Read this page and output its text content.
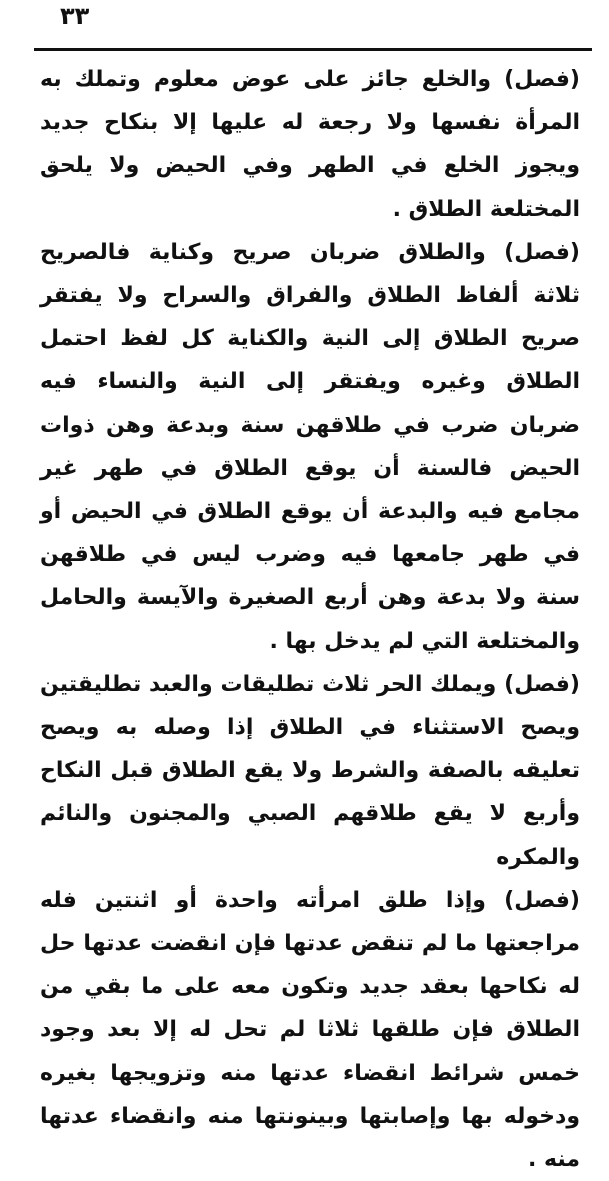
٣٣

(فصل) والخلع جائز على عوض معلوم وتملك به المرأة نفسها ولا رجعة له عليها إلا بنكاح جديد ويجوز الخلع في الطهر وفي الحيض ولا يلحق المختلعة الطلاق .

(فصل) والطلاق ضربان صريح وكناية فالصريح ثلاثة ألفاظ الطلاق والفراق والسراح ولا يفتقر صريح الطلاق إلى النية والكناية كل لفظ احتمل الطلاق وغيره ويفتقر إلى النية والنساء فيه ضربان ضرب في طلاقهن سنة وبدعة وهن ذوات الحيض فالسنة أن يوقع الطلاق في طهر غير مجامع فيه والبدعة أن يوقع الطلاق في الحيض أو في طهر جامعها فيه وضرب ليس في طلاقهن سنة ولا بدعة وهن أربع الصغيرة والآيسة والحامل والمختلعة التي لم يدخل بها .

(فصل) ويملك الحر ثلاث تطليقات والعبد تطليقتين ويصح الاستثناء في الطلاق إذا وصله به ويصح تعليقه بالصفة والشرط ولا يقع الطلاق قبل النكاح وأربع لا يقع طلاقهم الصبي والمجنون والنائم والمكره

(فصل) وإذا طلق امرأته واحدة أو اثنتين فله مراجعتها ما لم تنقض عدتها فإن انقضت عدتها حل له نكاحها بعقد جديد وتكون معه على ما بقي من الطلاق فإن طلقها ثلاثا لم تحل له إلا بعد وجود خمس شرائط انقضاء عدتها منه وتزويجها بغيره ودخوله بها وإصابتها وبينونتها منه وانقضاء عدتها منه .
